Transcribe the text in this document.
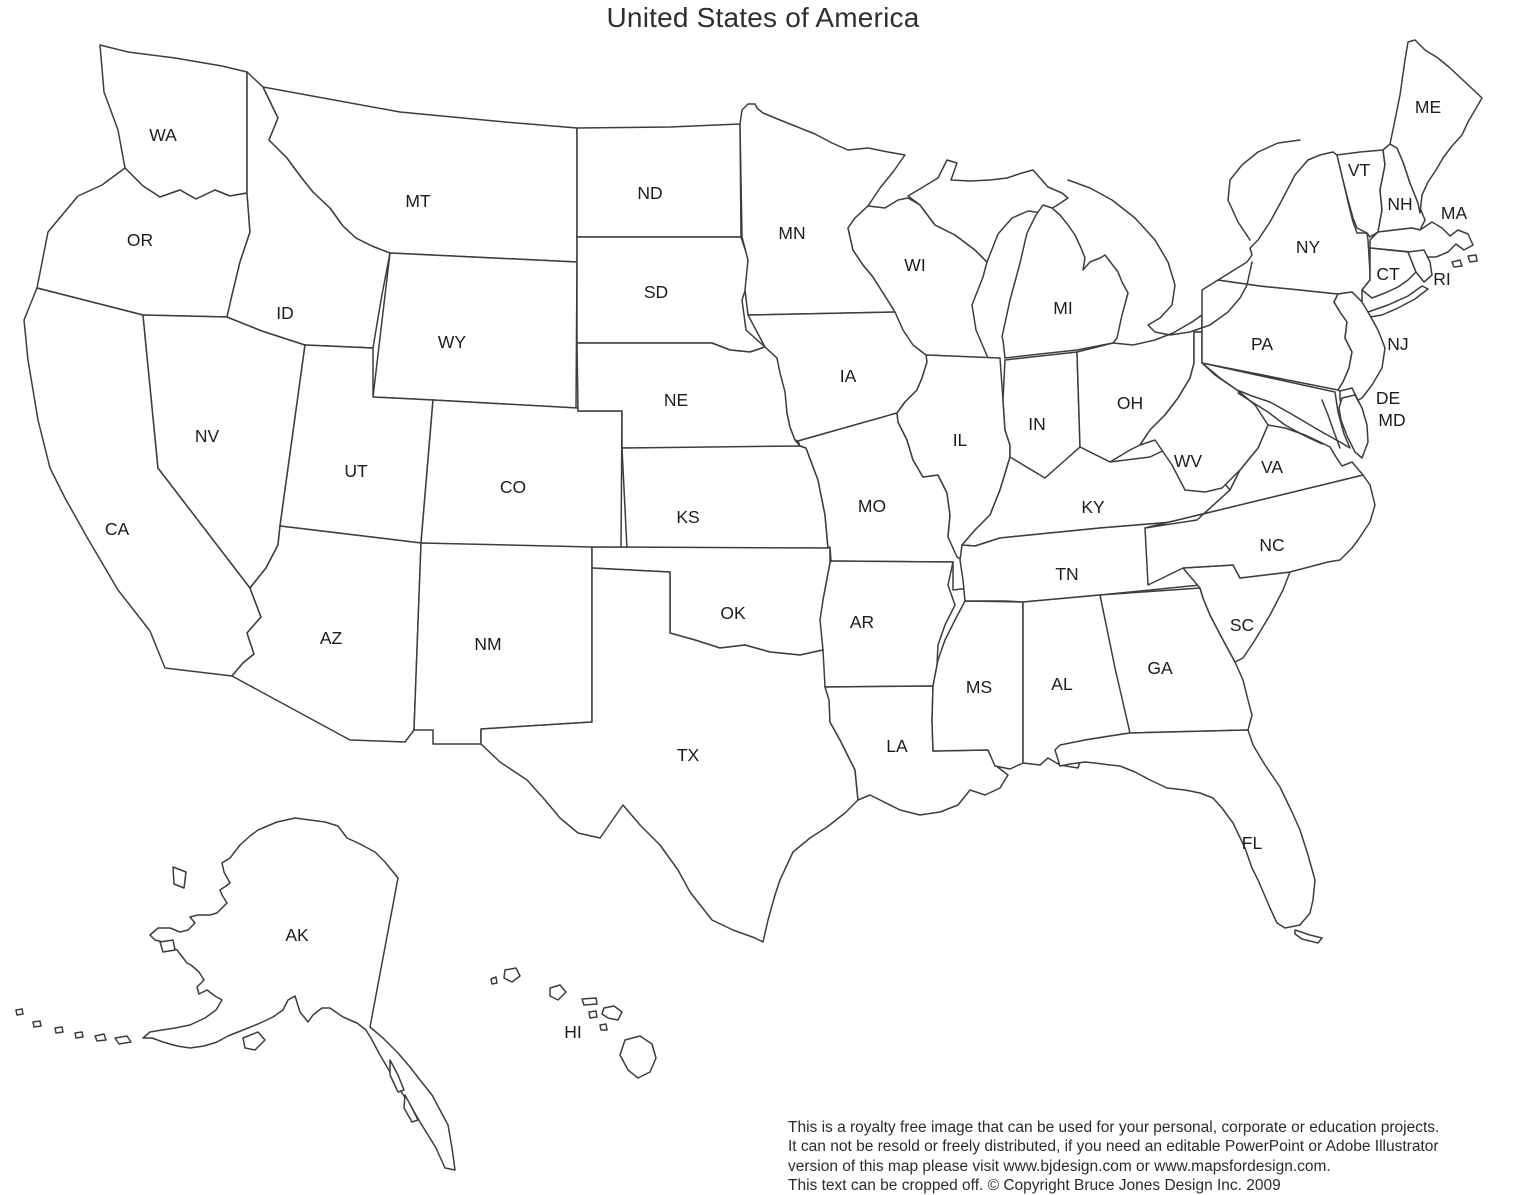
United States of America
WA
OR
CA
NV
ID
MT
WY
UT
CO
AZ	NM
ND
SD
NE
KS
OK
TX
MN
IA
MO
AR
LA
WI
IL
MS
MI
IN
OH
KY
TN
AL
GA
FL
SC
NC
VA
WV
PA
NY
NJ
DE
MD
VT
NH
ME
MA
CT RI
AK
HI
This is a royalty free image that can be used for your personal, corporate or education projects.
It can not be resold or freely distributed, if you need an editable PowerPoint or Adobe Illustrator
version of this map please visit www.bjdesign.com or www.mapsfordesign.com.
This text can be cropped off. © Copyright Bruce Jones Design Inc. 2009
